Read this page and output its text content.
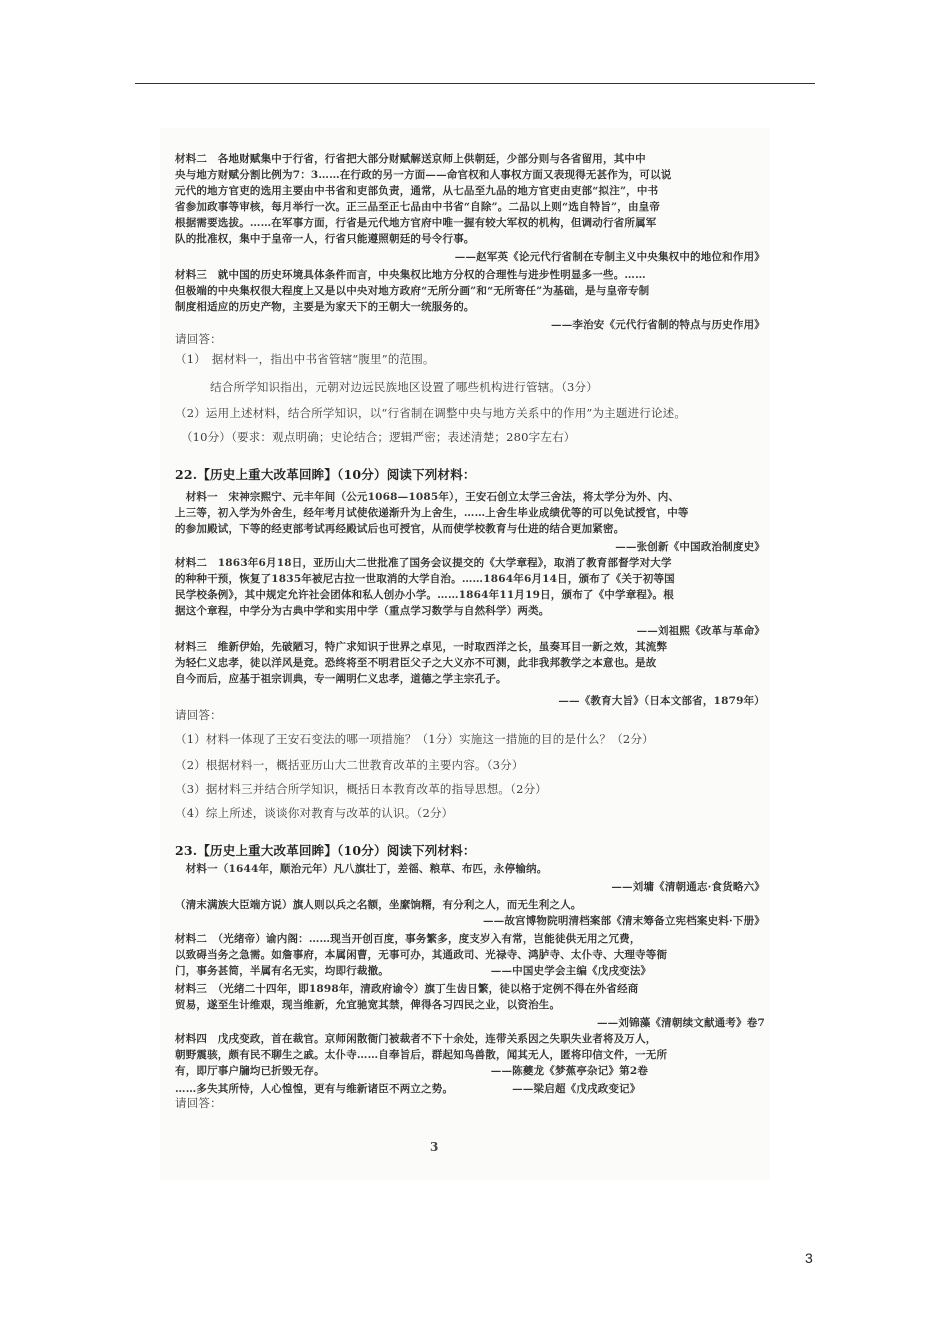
材料二　各地财赋集中于行省，行省把大部分财赋解送京师上供朝廷，少部分则与各省留用，其中中
央与地方财赋分割比例为7：3……在行政的另一方面——命官权和人事权方面又表现得无甚作为，可以说
元代的地方官吏的选用主要由中书省和吏部负责，通常，从七品至九品的地方官吏由吏部“拟注”，中书
省参加政事等审核，每月举行一次。正三品至正七品由中书省“自除”。二品以上则“选自特旨”，由皇帝
根据需要选拔。……在军事方面，行省是元代地方官府中唯一握有较大军权的机构，但调动行省所属军
队的批准权，集中于皇帝一人，行省只能遵照朝廷的号令行事。
——赵军英《论元代行省制在专制主义中央集权中的地位和作用》
材料三　就中国的历史环境具体条件而言，中央集权比地方分权的合理性与进步性明显多一些。……
但极端的中央集权很大程度上又是以中央对地方政府“无所分画”和“无所寄任”为基础，是与皇帝专制
制度相适应的历史产物，主要是为家天下的王朝大一统服务的。
——李治安《元代行省制的特点与历史作用》
请回答：
（1）　据材料一，指出中书省管辖“腹里”的范围。
　　　结合所学知识指出，元朝对边远民族地区设置了哪些机构进行管辖。（3分）
（2）运用上述材料，结合所学知识，以“行省制在调整中央与地方关系中的作用”为主题进行论述。
　（10分）（要求：观点明确；史论结合；逻辑严密；表述清楚；280字左右）
22.【历史上重大改革回眸】（10分）阅读下列材料：
　材料一　宋神宗熙宁、元丰年间（公元1068—1085年），王安石创立太学三舍法，将太学分为外、内、
上三等，初入学为外舍生，经年考月试使依递渐升为上舍生，……上舍生毕业成绩优等的可以免试授官，中等
的参加殿试，下等的经吏部考试再经殿试后也可授官，从而使学校教育与仕进的结合更加紧密。
——张创新《中国政治制度史》
材料二　1863年6月18日，亚历山大二世批准了国务会议提交的《大学章程》，取消了教育部督学对大学
的种种干预，恢复了1835年被尼古拉一世取消的大学自治。……1864年6月14日，颁布了《关于初等国
民学校条例》，其中规定允许社会团体和私人创办小学。……1864年11月19日，颁布了《中学章程》。根
据这个章程，中学分为古典中学和实用中学（重点学习数学与自然科学）两类。
——刘祖熙《改革与革命》
材料三　维新伊始，先破陋习，特广求知识于世界之卓见，一时取西洋之长，虽奏耳目一新之效，其流弊
为轻仁义忠孝，徒以洋风是竞。恐终将至不明君臣父子之大义亦不可测，此非我邦教学之本意也。是故
自今而后，应基于祖宗训典，专一阐明仁义忠孝，道德之学主宗孔子。
——《教育大旨》（日本文部省，1879年）
请回答：
（1）材料一体现了王安石变法的哪一项措施？（1分）实施这一措施的目的是什么？（2分）
（2）根据材料一，概括亚历山大二世教育改革的主要内容。（3分）
（3）据材料三并结合所学知识，概括日本教育改革的指导思想。（2分）
（4）综上所述，谈谈你对教育与改革的认识。（2分）
23.【历史上重大改革回眸】（10分）阅读下列材料：
　材料一（1644年，顺治元年）凡八旗壮丁，差徭、粮草、布匹，永停输纳。
——刘墉《清朝通志·食货略六》
（清末满族大臣端方说）旗人则以兵之名额，坐縻饷糈，有分利之人，而无生利之人。
——故宫博物院明清档案部《清末筹备立宪档案史料·下册》
材料二　（光绪帝）谕内阁：……现当开创百度，事务繁多，度支岁入有常，岂能徒供无用之冗费，
以致碍当务之急需。如詹事府，本属闲曹，无事可办，其通政司、光禄寺、鸿胪寺、太仆寺、大理寺等衙
门，事务甚简，半属有名无实，均即行裁撤。　　　　　　　　　　——中国史学会主编《戊戌变法》
材料三　（光绪二十四年，即1898年，清政府谕令）旗丁生齿日繁，徒以格于定例不得在外省经商
贸易，遂至生计维艰，现当维新，允宜驰宽其禁，俾得各习四民之业，以资治生。
——刘锦藻《清朝续文献通考》卷7
材料四　戊戌变政，首在裁官。京师闲散衙门被裁者不下十余处，连带关系因之失职失业者将及万人，
朝野震骇，颇有民不聊生之戚。太仆寺……自奉旨后，群起知鸟兽散，闻其无人，匿将印信文件，一无所
有，即厅事户牖均已折毁无存。　　　　　　　　　　　　　　　　——陈夔龙《梦蕉亭杂记》第2卷
……多失其所恃，人心惶惶，更有与维新诸臣不两立之势。　　　　　　——梁启超《戊戌政变记》
请回答：
3
3
